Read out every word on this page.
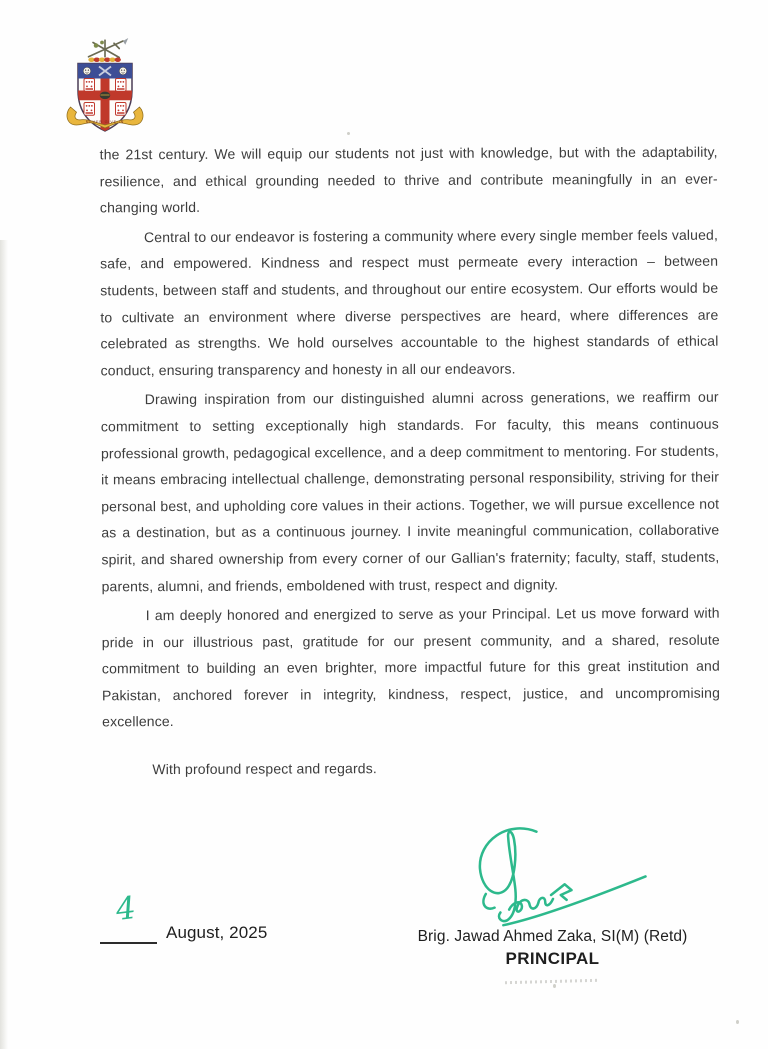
NEVER GIVE IN

the 21st century. We will equip our students not just with knowledge, but with the adaptability, resilience, and ethical grounding needed to thrive and contribute meaningfully in an ever-changing world.

Central to our endeavor is fostering a community where every single member feels valued, safe, and empowered. Kindness and respect must permeate every interaction – between students, between staff and students, and throughout our entire ecosystem. Our efforts would be to cultivate an environment where diverse perspectives are heard, where differences are celebrated as strengths. We hold ourselves accountable to the highest standards of ethical conduct, ensuring transparency and honesty in all our endeavors.

Drawing inspiration from our distinguished alumni across generations, we reaffirm our commitment to setting exceptionally high standards. For faculty, this means continuous professional growth, pedagogical excellence, and a deep commitment to mentoring. For students, it means embracing intellectual challenge, demonstrating personal responsibility, striving for their personal best, and upholding core values in their actions. Together, we will pursue excellence not as a destination, but as a continuous journey. I invite meaningful communication, collaborative spirit, and shared ownership from every corner of our Gallian's fraternity; faculty, staff, students, parents, alumni, and friends, emboldened with trust, respect and dignity.

I am deeply honored and energized to serve as your Principal. Let us move forward with pride in our illustrious past, gratitude for our present community, and a shared, resolute commitment to building an even brighter, more impactful future for this great institution and Pakistan, anchored forever in integrity, kindness, respect, justice, and uncompromising excellence.

With profound respect and regards.

4
August, 2025	Brig. Jawad Ahmed Zaka, SI(M) (Retd)
PRINCIPAL
